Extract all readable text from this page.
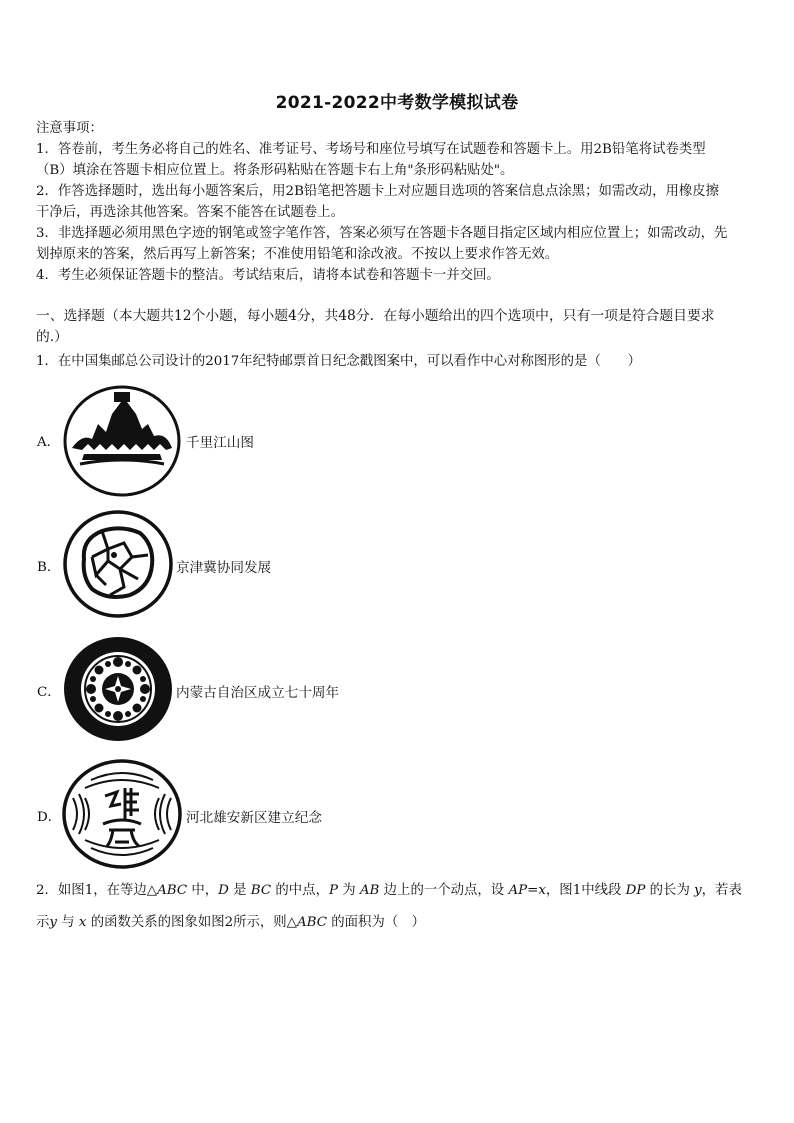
2021-2022中考数学模拟试卷
注意事项：
1．答卷前，考生务必将自己的姓名、准考证号、考场号和座位号填写在试题卷和答题卡上。用2B铅笔将试卷类型
（B）填涂在答题卡相应位置上。将条形码粘贴在答题卡右上角"条形码粘贴处"。
2．作答选择题时，选出每小题答案后，用2B铅笔把答题卡上对应题目选项的答案信息点涂黑；如需改动，用橡皮擦
干净后，再选涂其他答案。答案不能答在试题卷上。
3．非选择题必须用黑色字迹的钢笔或签字笔作答，答案必须写在答题卡各题目指定区域内相应位置上；如需改动，先
划掉原来的答案，然后再写上新答案；不准使用铅笔和涂改液。不按以上要求作答无效。
4．考生必须保证答题卡的整洁。考试结束后，请将本试卷和答题卡一并交回。
一、选择题（本大题共12个小题，每小题4分，共48分．在每小题给出的四个选项中，只有一项是符合题目要求
的.）
1．在中国集邮总公司设计的2017年纪特邮票首日纪念戳图案中，可以看作中心对称图形的是（　　）
A．	千里江山图
B．	京津冀协同发展
C．	内蒙古自治区成立七十周年
D．	河北雄安新区建立纪念
2．如图1，在等边△ABC 中，D 是 BC 的中点，P 为 AB 边上的一个动点，设 AP=x，图1中线段 DP 的长为 y，若表
示y 与 x 的函数关系的图象如图2所示，则△ABC 的面积为（　）
